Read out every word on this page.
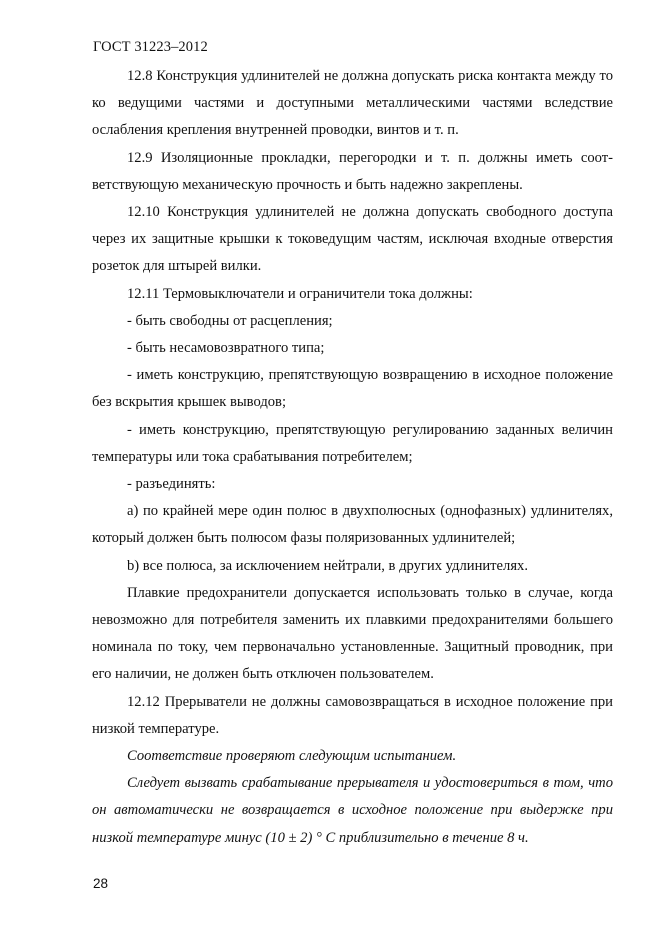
ГОСТ 31223–2012

12.8 Конструкция удлинителей не должна допускать риска контакта между то ко ведущими частями и доступными металлическими частями вследствие ослабления крепления внутренней проводки, винтов и т. п.

12.9 Изоляционные прокладки, перегородки и т. п. должны иметь соответствующую механическую прочность и быть надежно закреплены.

12.10 Конструкция удлинителей не должна допускать свободного доступа через их защитные крышки к токоведущим частям, исключая входные отверстия розеток для штырей вилки.

12.11 Термовыключатели и ограничители тока должны:

- быть свободны от расцепления;

- быть несамовозвратного типа;

- иметь конструкцию, препятствующую возвращению в исходное положение без вскрытия крышек выводов;

- иметь конструкцию, препятствующую регулированию заданных величин температуры или тока срабатывания потребителем;

- разъединять:

a) по крайней мере один полюс в двухполюсных (однофазных) удлинителях, который должен быть полюсом фазы поляризованных удлинителей;

b) все полюса, за исключением нейтрали, в других удлинителях.

Плавкие предохранители допускается использовать только в случае, когда невозможно для потребителя заменить их плавкими предохранителями большего номинала по току, чем первоначально установленные. Защитный проводник, при его наличии, не должен быть отключен пользователем.

12.12 Прерыватели не должны самовозвращаться в исходное положение при низкой температуре.

Соответствие проверяют следующим испытанием.

Следует вызвать срабатывание прерывателя и удостовериться в том, что он автоматически не возвращается в исходное положение при выдержке при низкой температуре минус (10 ± 2) ° С приблизительно в течение 8 ч.

28
